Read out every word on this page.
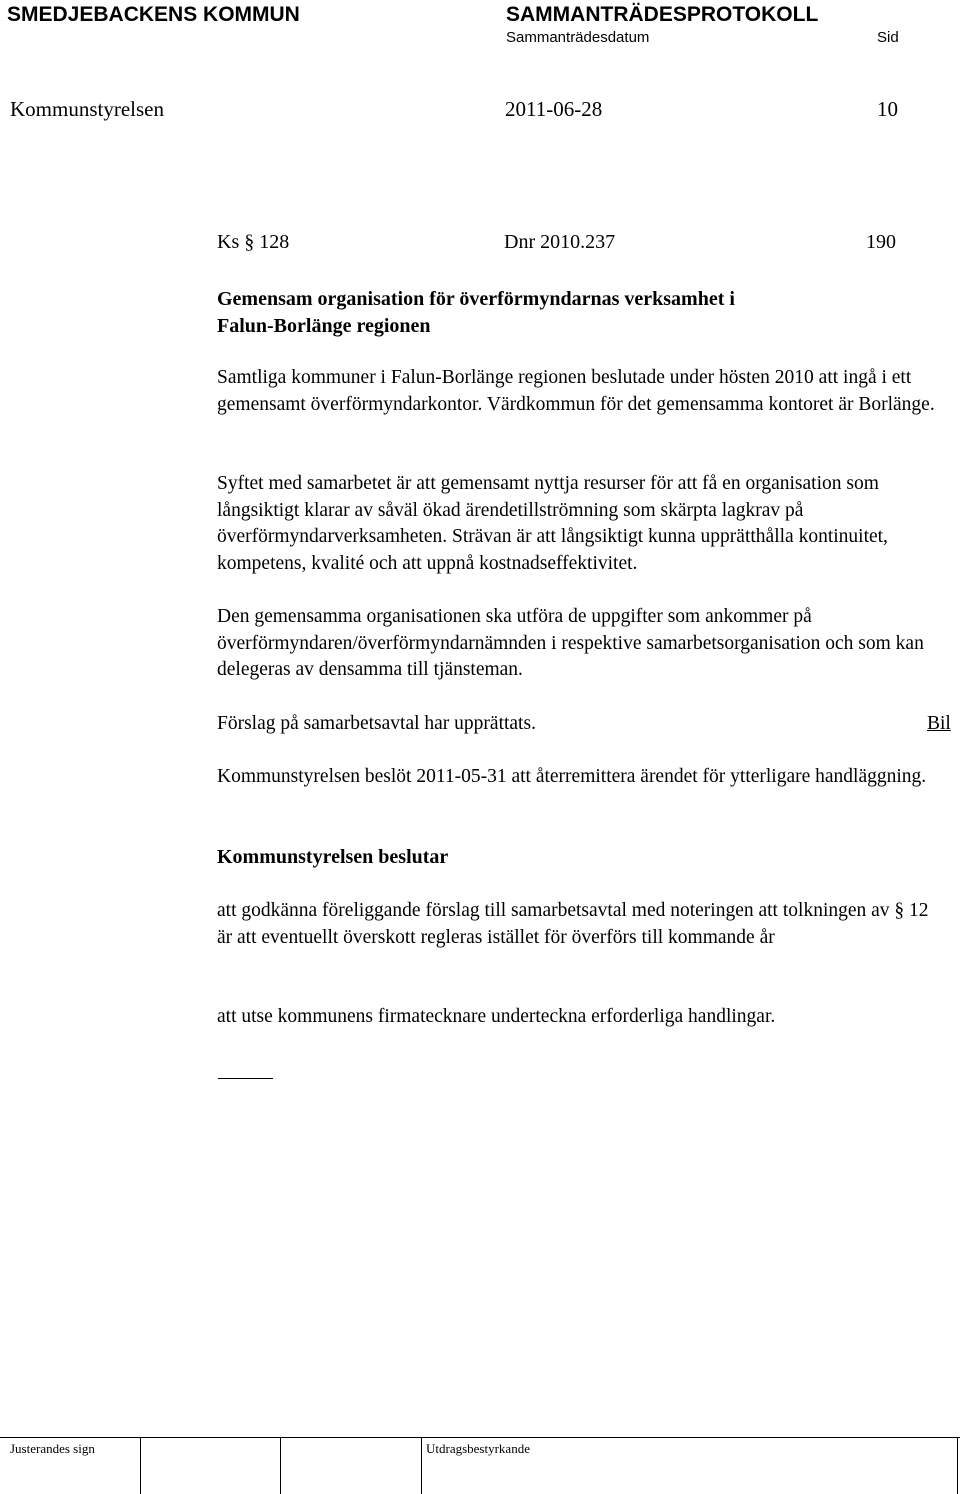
SMEDJEBACKENS KOMMUN	SAMMANTRÄDESPROTOKOLL
Sammanträdesdatum	Sid
Kommunstyrelsen	2011-06-28	10
Ks § 128	Dnr 2010.237	190
Gemensam organisation för överförmyndarnas verksamhet i
Falun-Borlänge regionen

Samtliga kommuner i Falun-Borlänge regionen beslutade under hösten 2010 att ingå i ett gemensamt överförmyndarkontor. Värdkommun för det gemensamma kontoret är Borlänge.

Syftet med samarbetet är att gemensamt nyttja resurser för att få en organisation som långsiktigt klarar av såväl ökad ärendetillströmning som skärpta lagkrav på överförmyndarverksamheten. Strävan är att långsiktigt kunna upprätthålla kontinuitet, kompetens, kvalité och att uppnå kostnadseffektivitet.

Den gemensamma organisationen ska utföra de uppgifter som ankommer på överförmyndaren/överförmyndarnämnden i respektive samarbetsorganisation och som kan delegeras av densamma till tjänsteman.

Förslag på samarbetsavtal har upprättats.	Bil

Kommunstyrelsen beslöt 2011-05-31 att återremittera ärendet för ytterligare handläggning.

Kommunstyrelsen beslutar

att godkänna föreliggande förslag till samarbetsavtal med noteringen att tolkningen av § 12 är att eventuellt överskott regleras istället för överförs till kommande år

att utse kommunens firmatecknare underteckna erforderliga handlingar.
Justerandes sign	Utdragsbestyrkande
